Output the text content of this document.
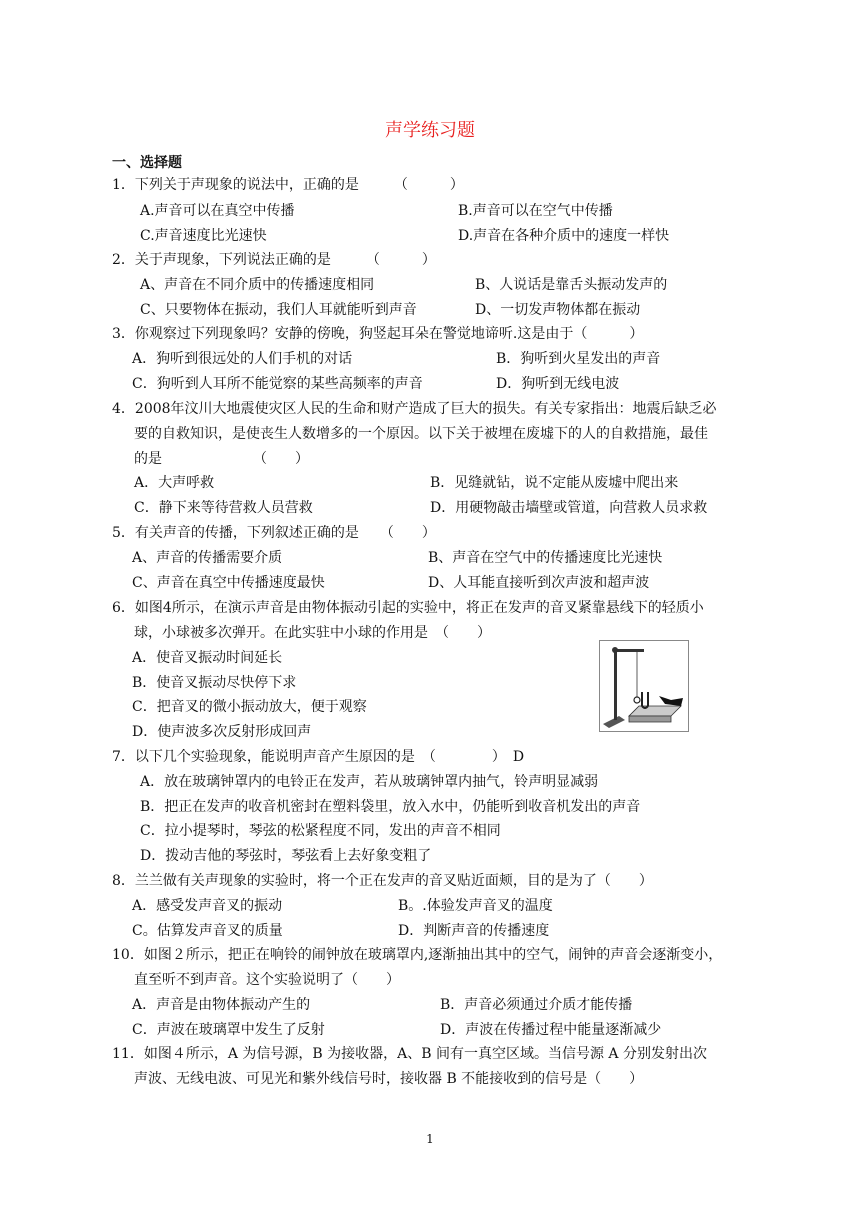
声学练习题
一、选择题
1．下列关于声现象的说法中，正确的是　　　（　　　）
A.声音可以在真空中传播	B.声音可以在空气中传播
C.声音速度比光速快	D.声音在各种介质中的速度一样快
2．关于声现象，下列说法正确的是　　　（　　　）
A、声音在不同介质中的传播速度相同	B、人说话是靠舌头振动发声的
C、只要物体在振动，我们人耳就能听到声音	D、一切发声物体都在振动
3．你观察过下列现象吗？安静的傍晚，狗竖起耳朵在警觉地谛听.这是由于（　　　）
A．狗听到很远处的人们手机的对话	B．狗听到火星发出的声音
C．狗听到人耳所不能觉察的某些高频率的声音	D．狗听到无线电波
4．2008年汶川大地震使灾区人民的生命和财产造成了巨大的损失。有关专家指出：地震后缺乏必
要的自救知识，是使丧生人数增多的一个原因。以下关于被埋在废墟下的人的自救措施，最佳
的是　　　　　　　（　　）
A．大声呼救	B．见缝就钻，说不定能从废墟中爬出来
C．静下来等待营救人员营救	D．用硬物敲击墙壁或管道，向营救人员求救
5．有关声音的传播，下列叙述正确的是　　（　　）
A、声音的传播需要介质	B、声音在空气中的传播速度比光速快
C、声音在真空中传播速度最快	D、人耳能直接听到次声波和超声波
6．如图4所示，在演示声音是由物体振动引起的实验中，将正在发声的音叉紧靠悬线下的轻质小
球，小球被多次弹开。在此实驻中小球的作用是　（　　）
A．使音叉振动时间延长
B．使音叉振动尽快停下求
C．把音叉的微小振动放大，便于观察
D．使声波多次反射形成回声
7．以下几个实验现象，能说明声音产生原因的是　（　　　　）　D
A．放在玻璃钟罩内的电铃正在发声，若从玻璃钟罩内抽气，铃声明显减弱
B．把正在发声的收音机密封在塑料袋里，放入水中，仍能听到收音机发出的声音
C．拉小提琴时，琴弦的松紧程度不同，发出的声音不相同
D．拨动吉他的琴弦时，琴弦看上去好象变粗了
8．兰兰做有关声现象的实验时，将一个正在发声的音叉贴近面颊，目的是为了（　　）
A．感受发声音叉的振动	B。.体验发声音叉的温度
C。估算发声音叉的质量	D．判断声音的传播速度
10．如图２所示，把正在响铃的闹钟放在玻璃罩内,逐渐抽出其中的空气，闹钟的声音会逐渐变小，
直至听不到声音。这个实验说明了（　　）
A．声音是由物体振动产生的	B．声音必须通过介质才能传播
C．声波在玻璃罩中发生了反射	D．声波在传播过程中能量逐渐减少
11．如图４所示，A 为信号源，B 为接收器，A、B 间有一真空区域。当信号源 A 分别发射出次
声波、无线电波、可见光和紫外线信号时，接收器 B 不能接收到的信号是（　　）
1
